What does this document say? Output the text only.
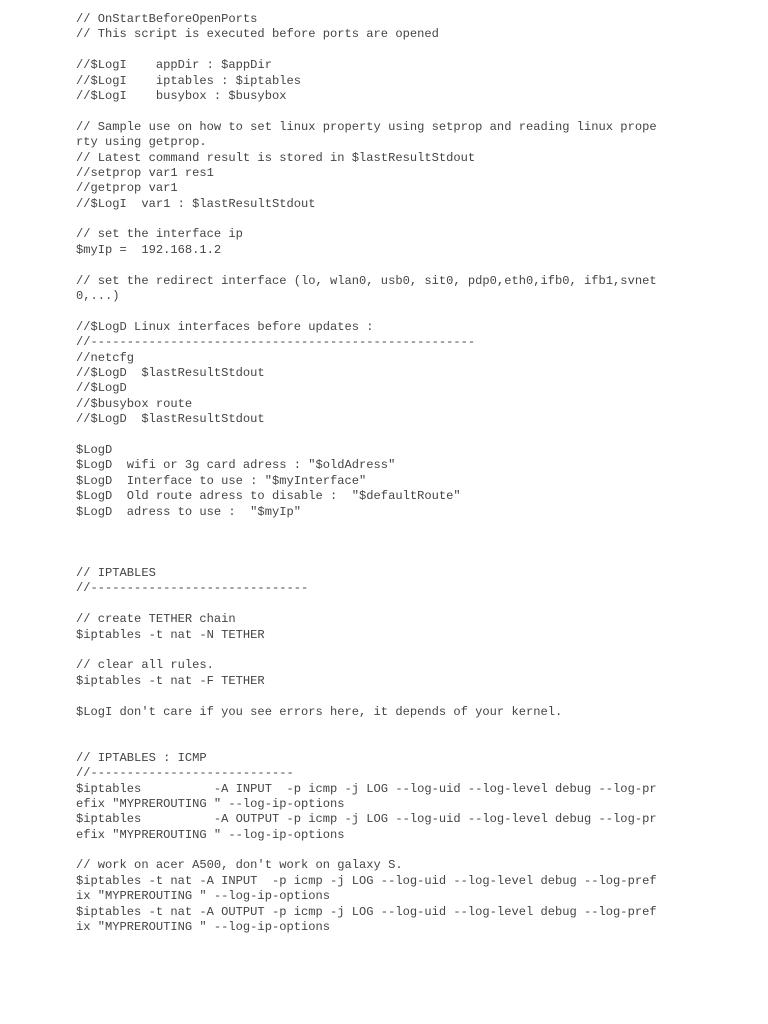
// OnStartBeforeOpenPorts
// This script is executed before ports are opened
//$LogI    appDir : $appDir
//$LogI    iptables : $iptables
//$LogI    busybox : $busybox
// Sample use on how to set linux property using setprop and reading linux prope
rty using getprop.
// Latest command result is stored in $lastResultStdout
//setprop var1 res1
//getprop var1
//$LogI  var1 : $lastResultStdout
// set the interface ip
$myIp =  192.168.1.2
// set the redirect interface (lo, wlan0, usb0, sit0, pdp0,eth0,ifb0, ifb1,svnet
0,...)
//$LogD Linux interfaces before updates :
//-----------------------------------------------------
//netcfg
//$LogD  $lastResultStdout
//$LogD
//$busybox route
//$LogD  $lastResultStdout
$LogD
$LogD  wifi or 3g card adress : "$oldAdress"
$LogD  Interface to use : "$myInterface"
$LogD  Old route adress to disable :  "$defaultRoute"
$LogD  adress to use :  "$myIp"
// IPTABLES
//------------------------------
// create TETHER chain
$iptables -t nat -N TETHER
// clear all rules.
$iptables -t nat -F TETHER
$LogI don't care if you see errors here, it depends of your kernel.
// IPTABLES : ICMP
//----------------------------
$iptables          -A INPUT  -p icmp -j LOG --log-uid --log-level debug --log-pr
efix "MYPREROUTING " --log-ip-options
$iptables          -A OUTPUT -p icmp -j LOG --log-uid --log-level debug --log-pr
efix "MYPREROUTING " --log-ip-options
// work on acer A500, don't work on galaxy S.
$iptables -t nat -A INPUT  -p icmp -j LOG --log-uid --log-level debug --log-pref
ix "MYPREROUTING " --log-ip-options
$iptables -t nat -A OUTPUT -p icmp -j LOG --log-uid --log-level debug --log-pref
ix "MYPREROUTING " --log-ip-options
